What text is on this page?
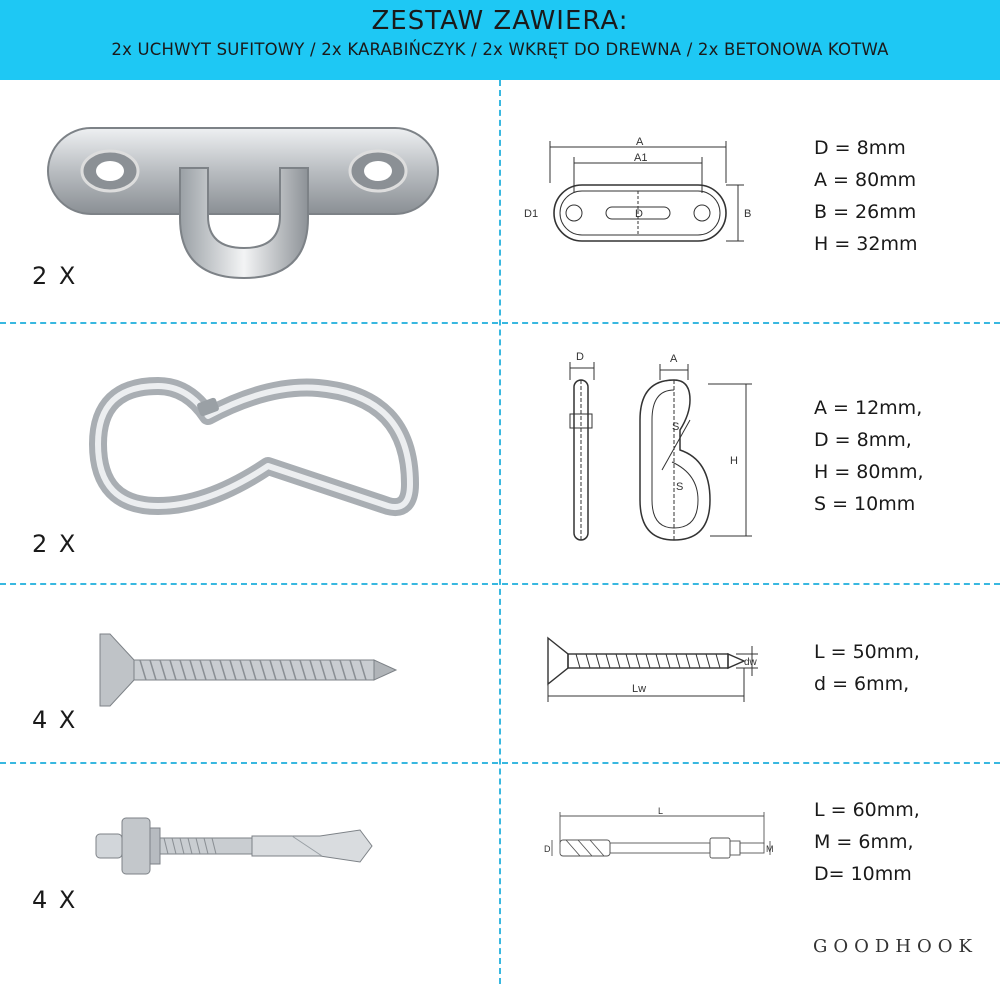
ZESTAW ZAWIERA:
2x UCHWYT SUFITOWY / 2x KARABIŃCZYK / 2x WKRĘT DO DREWNA / 2x BETONOWA KOTWA
2 X
A
A1
D1	D	B
D = 8mm
A = 80mm
B = 26mm
H = 32mm
2 X
D	A
H
S
S
A = 12mm,
D = 8mm,
H = 80mm,
S = 10mm
4 X
Lw
dw	L = 50mm,
d = 6mm,
4 X
L
D	M
L = 60mm,
M = 6mm,
D= 10mm
GOODHOOK
